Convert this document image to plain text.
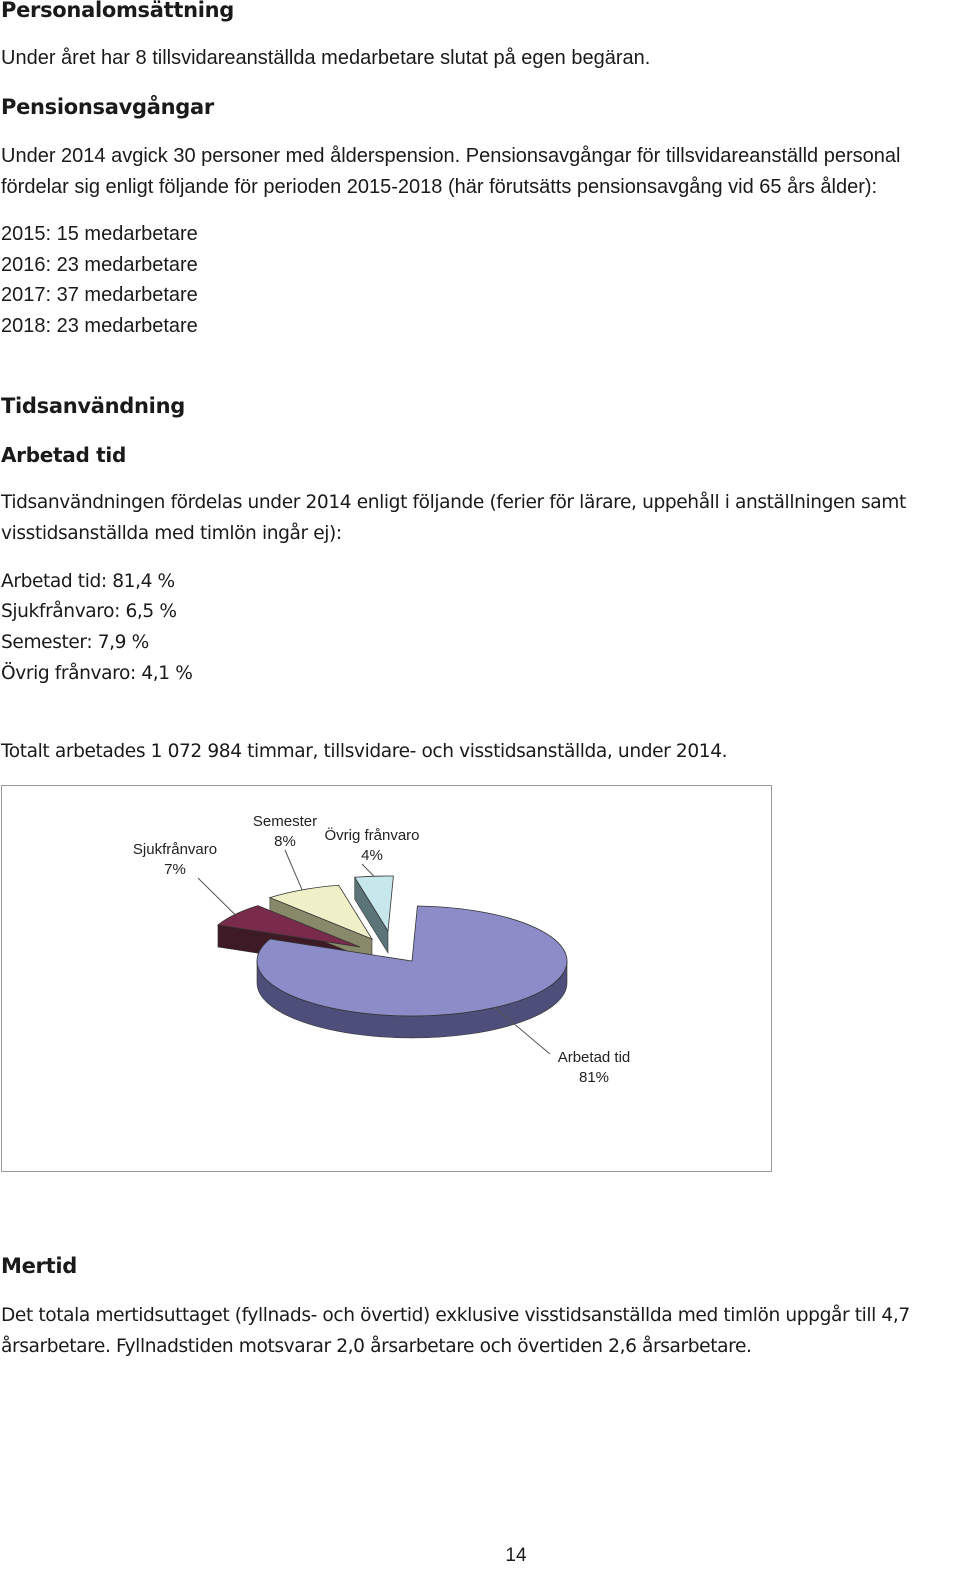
Personalomsättning
Under året har 8 tillsvidareanställda medarbetare slutat på egen begäran.
Pensionsavgångar
Under 2014 avgick 30 personer med ålderspension. Pensionsavgångar för tillsvidareanställd personal
fördelar sig enligt följande för perioden 2015-2018 (här förutsätts pensionsavgång vid 65 års ålder):
2015: 15 medarbetare
2016: 23 medarbetare
2017: 37 medarbetare
2018: 23 medarbetare
Tidsanvändning
Arbetad tid
Tidsanvändningen fördelas under 2014 enligt följande (ferier för lärare, uppehåll i anställningen samt
visstidsanställda med timlön ingår ej):
Arbetad tid: 81,4 %
Sjukfrånvaro: 6,5 %
Semester: 7,9 %
Övrig frånvaro: 4,1 %
Totalt arbetades 1 072 984 timmar, tillsvidare- och visstidsanställda, under 2014.
Sjukfrånvaro
7%
Semester
8% Övrig frånvaro
4%
Arbetad tid
81%
Mertid
Det totala mertidsuttaget (fyllnads- och övertid) exklusive visstidsanställda med timlön uppgår till 4,7
årsarbetare. Fyllnadstiden motsvarar 2,0 årsarbetare och övertiden 2,6 årsarbetare.
14
